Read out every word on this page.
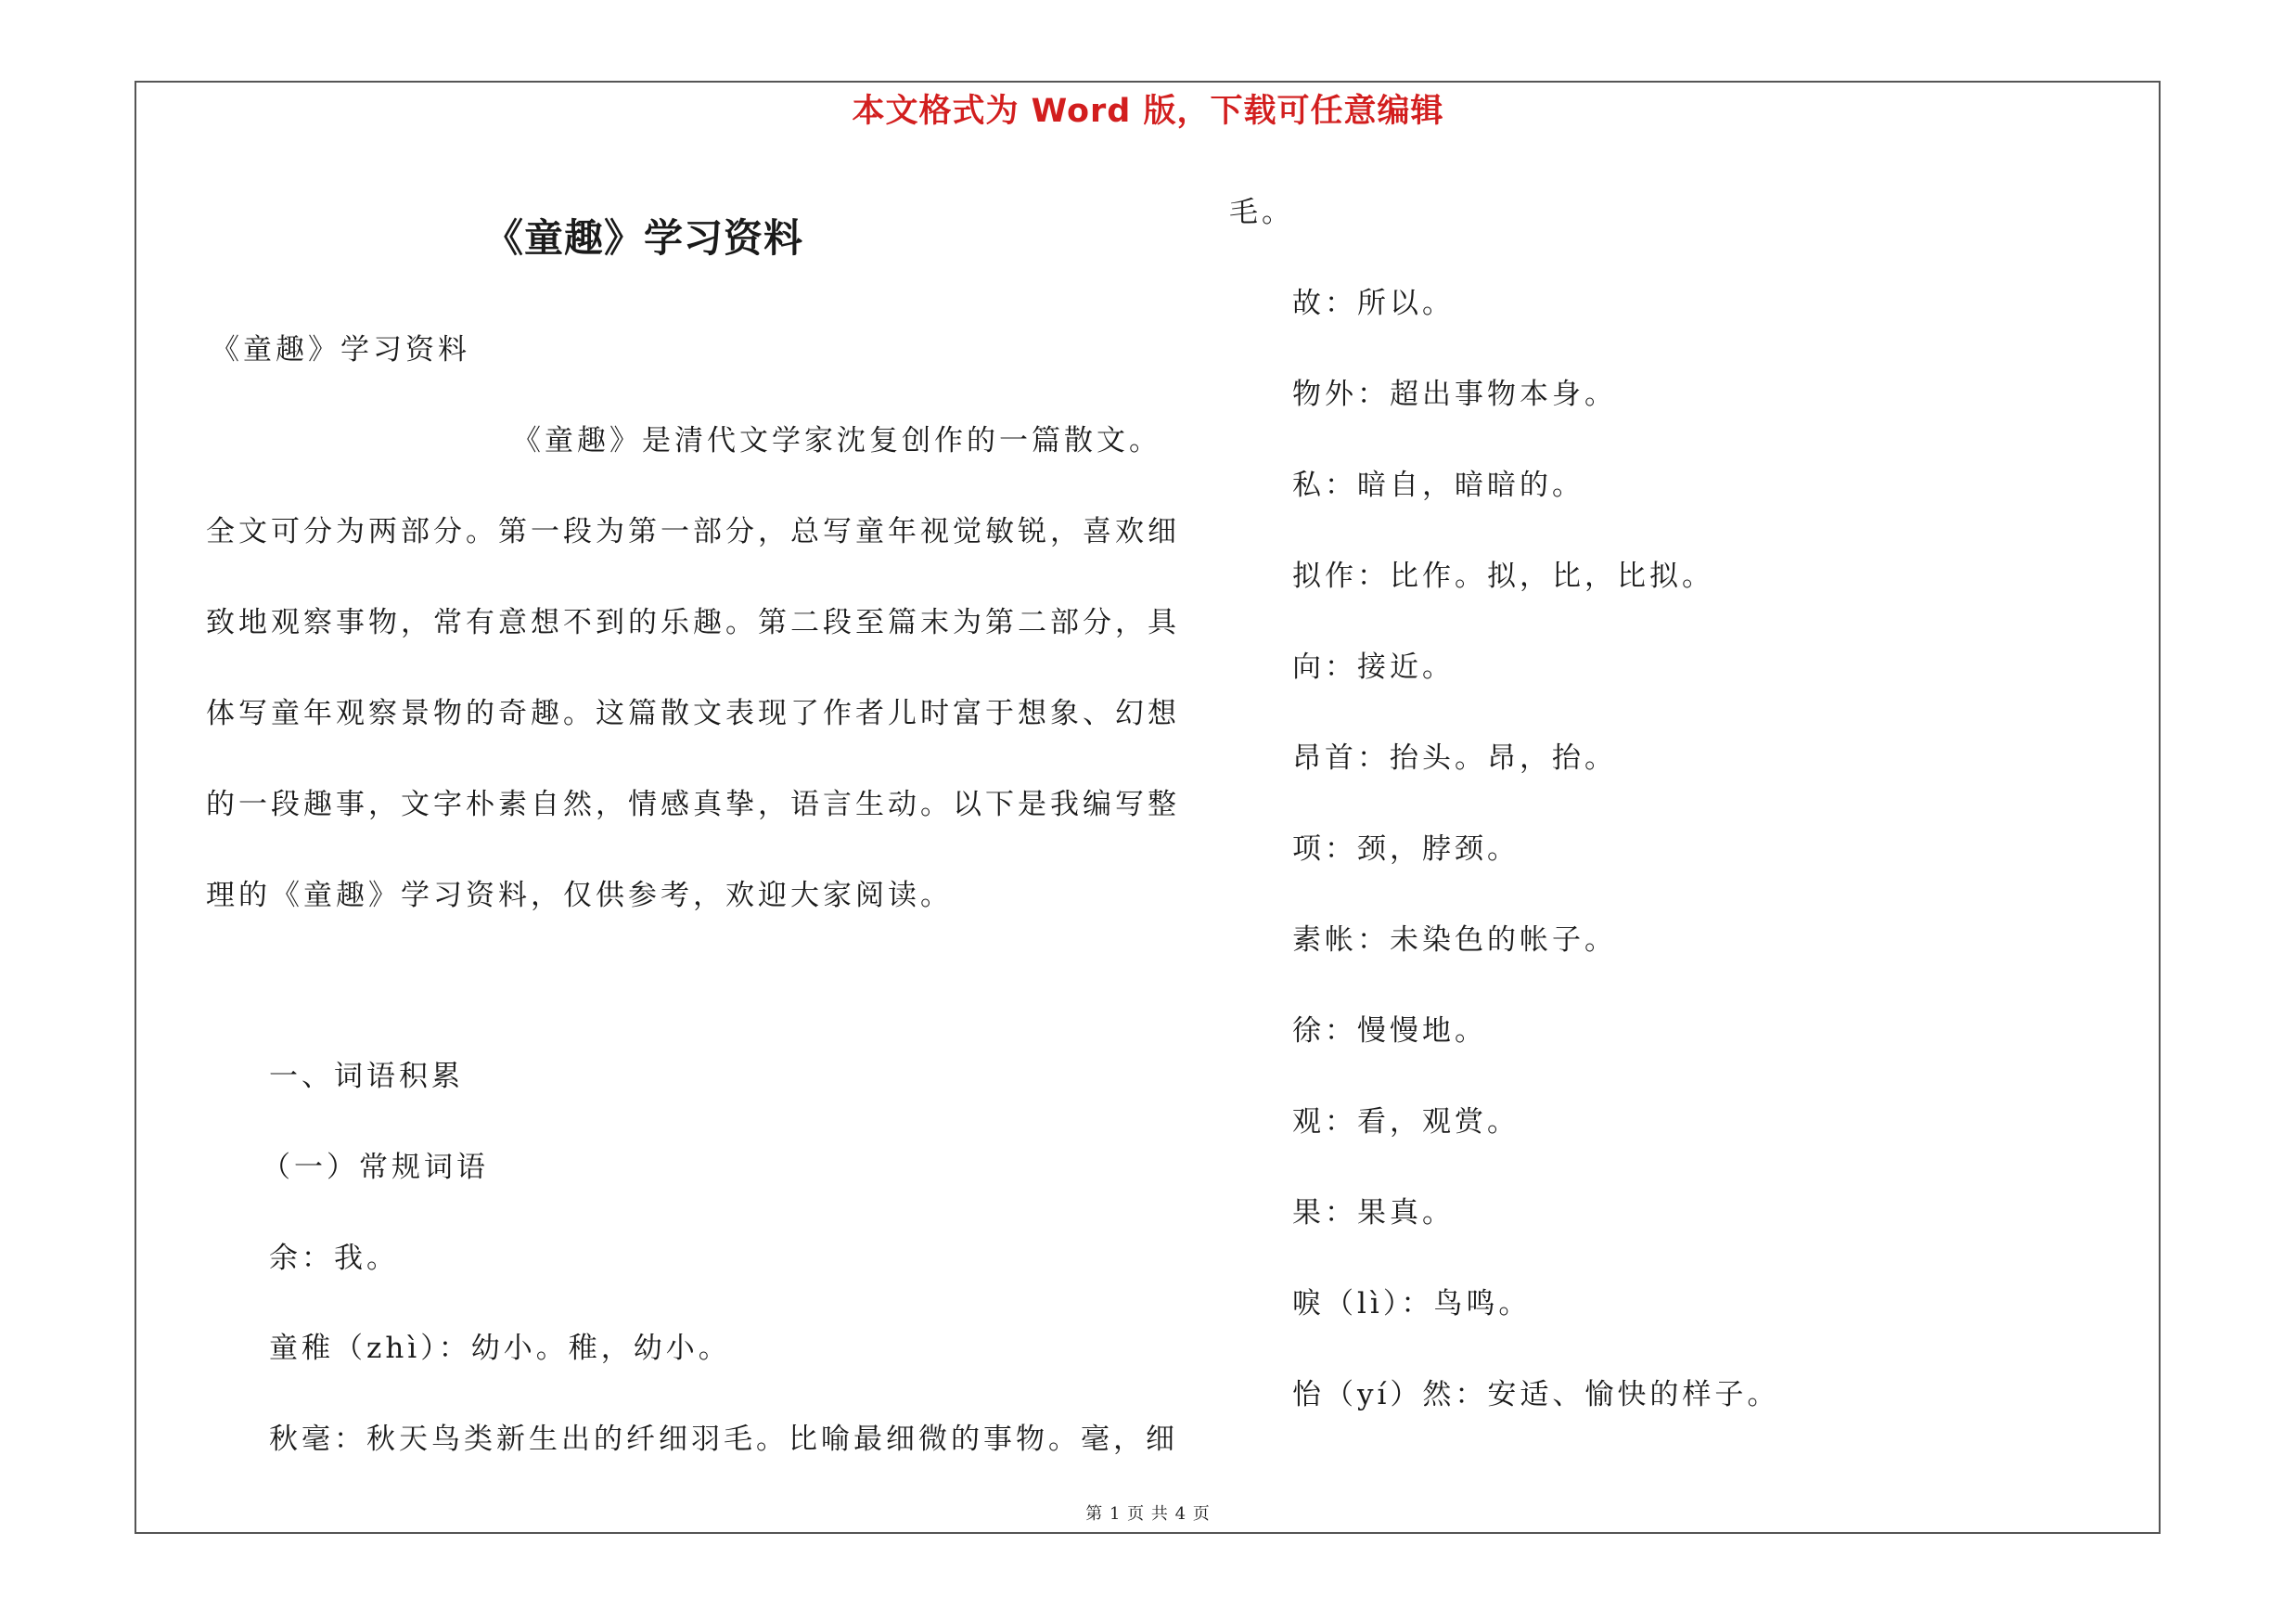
本文格式为 Word 版，下载可任意编辑
《童趣》学习资料
《童趣》学习资料
《童趣》是清代文学家沈复创作的一篇散文。
全文可分为两部分。第一段为第一部分，总写童年视觉敏锐，喜欢细
致地观察事物，常有意想不到的乐趣。第二段至篇末为第二部分，具
体写童年观察景物的奇趣。这篇散文表现了作者儿时富于想象、幻想
的一段趣事，文字朴素自然，情感真挚，语言生动。以下是我编写整
理的《童趣》学习资料，仅供参考，欢迎大家阅读。
一、词语积累
（一）常规词语
余：我。
童稚（zhì）：幼小。稚，幼小。
秋毫：秋天鸟类新生出的纤细羽毛。比喻最细微的事物。毫，细
毛。
故：所以。
物外：超出事物本身。
私：暗自，暗暗的。
拟作：比作。拟，比，比拟。
向：接近。
昂首：抬头。昂，抬。
项：颈，脖颈。
素帐：未染色的帐子。
徐：慢慢地。
观：看，观赏。
果：果真。
唳（lì）：鸟鸣。
怡（yí）然：安适、愉快的样子。
第 1 页 共 4 页
